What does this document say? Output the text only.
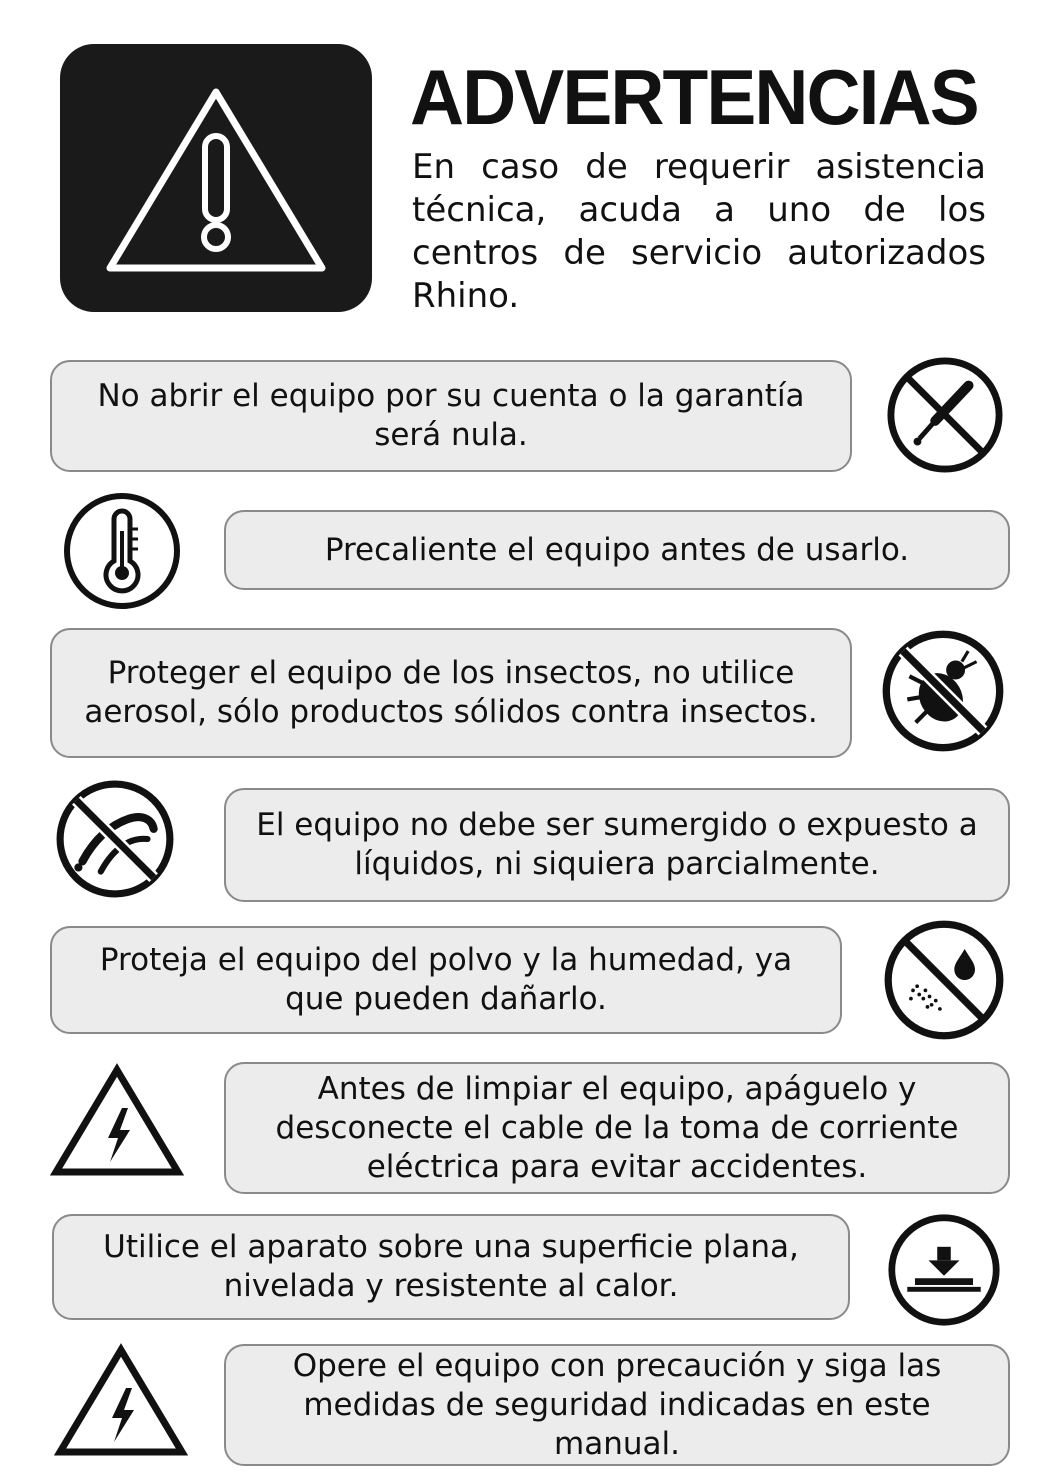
ADVERTENCIAS

En caso de requerir asistencia técnica, acuda a uno de los centros de servicio autorizados Rhino.

No abrir el equipo por su cuenta o la garantía será nula.
Precaliente el equipo antes de usarlo.
Proteger el equipo de los insectos, no utilice aerosol, sólo productos sólidos contra insectos.
El equipo no debe ser sumergido o expuesto a líquidos, ni siquiera parcialmente.
Proteja el equipo del polvo y la humedad, ya que pueden dañarlo.
Antes de limpiar el equipo, apáguelo y desconecte el cable de la toma de corriente eléctrica para evitar accidentes.
Utilice el aparato sobre una superficie plana, nivelada y resistente al calor.
Opere el equipo con precaución y siga las medidas de seguridad indicadas en este manual.
